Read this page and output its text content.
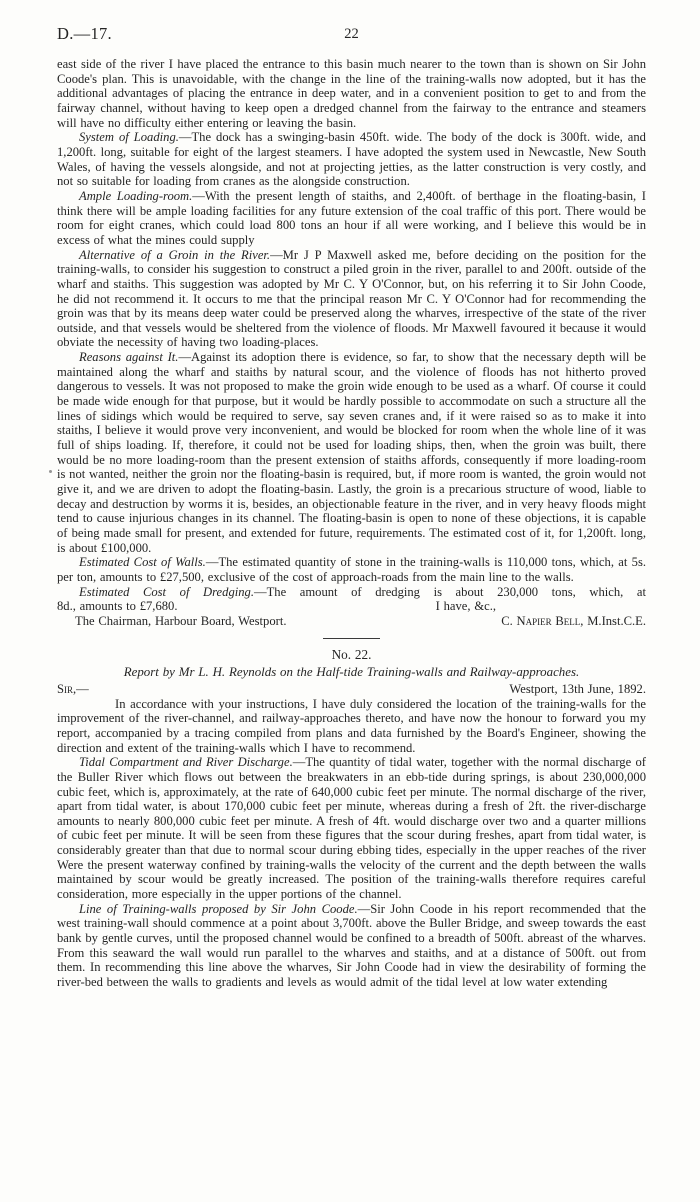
D.—17.	22

east side of the river I have placed the entrance to this basin much nearer to the town than is shown on Sir John Coode's plan. This is unavoidable, with the change in the line of the training-walls now adopted, but it has the additional advantages of placing the entrance in deep water, and in a convenient position to get to and from the fairway channel, without having to keep open a dredged channel from the fairway to the entrance and steamers will have no difficulty either entering or leaving the basin.

System of Loading.—The dock has a swinging-basin 450ft. wide. The body of the dock is 300ft. wide, and 1,200ft. long, suitable for eight of the largest steamers. I have adopted the system used in Newcastle, New South Wales, of having the vessels alongside, and not at projecting jetties, as the latter construction is very costly, and not so suitable for loading from cranes as the alongside construction.

Ample Loading-room.—With the present length of staiths, and 2,400ft. of berthage in the floating-basin, I think there will be ample loading facilities for any future extension of the coal traffic of this port. There would be room for eight cranes, which could load 800 tons an hour if all were working, and I believe this would be in excess of what the mines could supply

Alternative of a Groin in the River.—Mr J P Maxwell asked me, before deciding on the position for the training-walls, to consider his suggestion to construct a piled groin in the river, parallel to and 200ft. outside of the wharf and staiths. This suggestion was adopted by Mr C. Y O'Connor, but, on his referring it to Sir John Coode, he did not recommend it. It occurs to me that the principal reason Mr C. Y O'Connor had for recommending the groin was that by its means deep water could be preserved along the wharves, irrespective of the state of the river outside, and that vessels would be sheltered from the violence of floods. Mr Maxwell favoured it because it would obviate the necessity of having two loading-places.

Reasons against It.—Against its adoption there is evidence, so far, to show that the necessary depth will be maintained along the wharf and staiths by natural scour, and the violence of floods has not hitherto proved dangerous to vessels. It was not proposed to make the groin wide enough to be used as a wharf. Of course it could be made wide enough for that purpose, but it would be hardly possible to accommodate on such a structure all the lines of sidings which would be required to serve, say seven cranes and, if it were raised so as to make it into staiths, I believe it would prove very inconvenient, and would be blocked for room when the whole line of it was full of ships loading. If, therefore, it could not be used for loading ships, then, when the groin was built, there would be no more loading-room than the present extension of staiths affords, consequently if more loading-room is not wanted, neither the groin nor the floating-basin is required, but, if more room is wanted, the groin would not give it, and we are driven to adopt the floating-basin. Lastly, the groin is a precarious structure of wood, liable to decay and destruction by worms it is, besides, an objectionable feature in the river, and in very heavy floods might tend to cause injurious changes in its channel. The floating-basin is open to none of these objections, it is capable of being made small for present, and extended for future, requirements. The estimated cost of it, for 1,200ft. long, is about £100,000.

Estimated Cost of Walls.—The estimated quantity of stone in the training-walls is 110,000 tons, which, at 5s. per ton, amounts to £27,500, exclusive of the cost of approach-roads from the main line to the walls.

Estimated Cost of Dredging.—The amount of dredging is about 230,000 tons, which, at

8d., amounts to £7,680.	I have, &c.,
The Chairman, Harbour Board, Westport.	C. Napier Bell, M.Inst.C.E.
No. 22.
Report by Mr L. H. Reynolds on the Half-tide Training-walls and Railway-approaches.
Sir,—	Westport, 13th June, 1892.

In accordance with your instructions, I have duly considered the location of the training-walls for the improvement of the river-channel, and railway-approaches thereto, and have now the honour to forward you my report, accompanied by a tracing compiled from plans and data furnished by the Board's Engineer, showing the direction and extent of the training-walls which I have to recommend.

Tidal Compartment and River Discharge.—The quantity of tidal water, together with the normal discharge of the Buller River which flows out between the breakwaters in an ebb-tide during springs, is about 230,000,000 cubic feet, which is, approximately, at the rate of 640,000 cubic feet per minute. The normal discharge of the river, apart from tidal water, is about 170,000 cubic feet per minute, whereas during a fresh of 2ft. the river-discharge amounts to nearly 800,000 cubic feet per minute. A fresh of 4ft. would discharge over two and a quarter millions of cubic feet per minute. It will be seen from these figures that the scour during freshes, apart from tidal water, is considerably greater than that due to normal scour during ebbing tides, especially in the upper reaches of the river Were the present waterway confined by training-walls the velocity of the current and the depth between the walls maintained by scour would be greatly increased. The position of the training-walls therefore requires careful consideration, more especially in the upper portions of the channel.

Line of Training-walls proposed by Sir John Coode.—Sir John Coode in his report recommended that the west training-wall should commence at a point about 3,700ft. above the Buller Bridge, and sweep towards the east bank by gentle curves, until the proposed channel would be confined to a breadth of 500ft. abreast of the wharves. From this seaward the wall would run parallel to the wharves and staiths, and at a distance of 500ft. out from them. In recommending this line above the wharves, Sir John Coode had in view the desirability of forming the river-bed between the walls to gradients and levels as would admit of the tidal level at low water extending
